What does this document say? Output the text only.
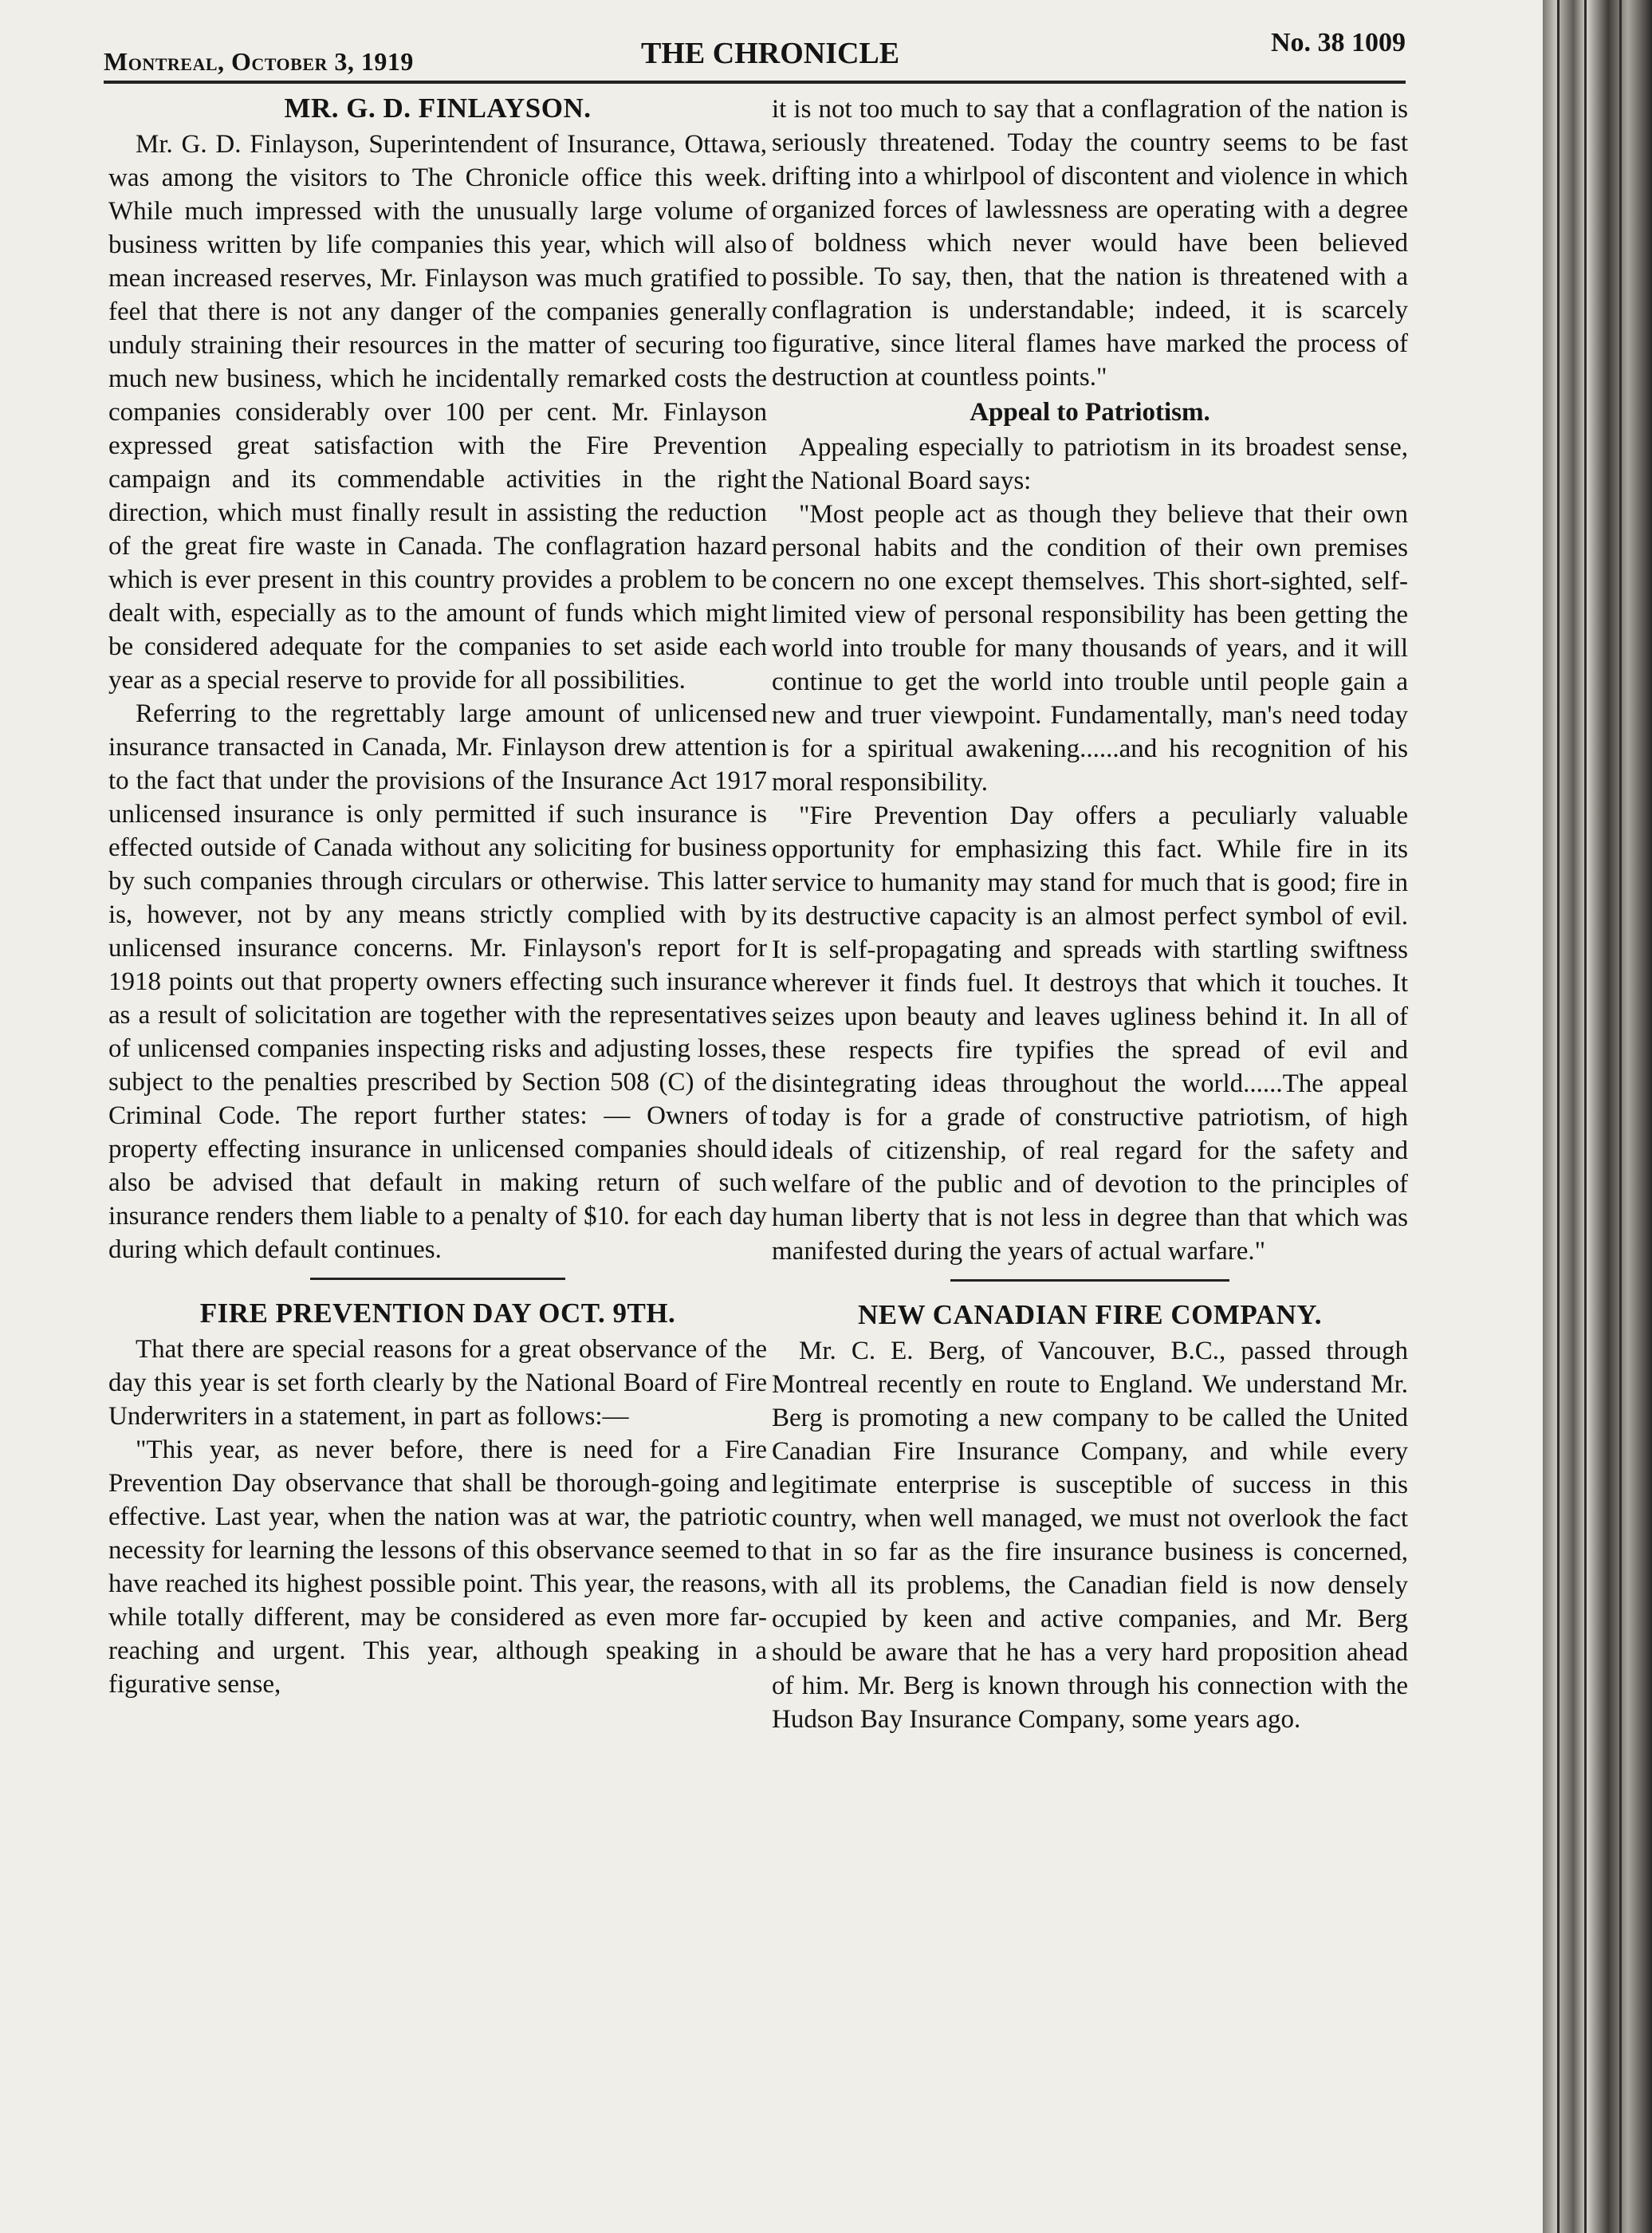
Montreal, October 3, 1919	THE CHRONICLE	No. 38 1009
MR. G. D. FINLAYSON.

Mr. G. D. Finlayson, Superintendent of Insurance, Ottawa, was among the visitors to The Chronicle office this week. While much impressed with the unusually large volume of business written by life companies this year, which will also mean increased reserves, Mr. Finlayson was much gratified to feel that there is not any danger of the companies generally unduly straining their resources in the matter of securing too much new business, which he incidentally remarked costs the companies considerably over 100 per cent. Mr. Finlayson expressed great satisfaction with the Fire Prevention campaign and its commendable activities in the right direction, which must finally result in assisting the reduction of the great fire waste in Canada. The conflagration hazard which is ever present in this country provides a problem to be dealt with, especially as to the amount of funds which might be considered adequate for the companies to set aside each year as a special reserve to provide for all possibilities.

Referring to the regrettably large amount of unlicensed insurance transacted in Canada, Mr. Finlayson drew attention to the fact that under the provisions of the Insurance Act 1917 unlicensed insurance is only permitted if such insurance is effected outside of Canada without any soliciting for business by such companies through circulars or otherwise. This latter is, however, not by any means strictly complied with by unlicensed insurance concerns. Mr. Finlayson's report for 1918 points out that property owners effecting such insurance as a result of solicitation are together with the representatives of unlicensed companies inspecting risks and adjusting losses, subject to the penalties prescribed by Section 508 (C) of the Criminal Code. The report further states: — Owners of property effecting insurance in unlicensed companies should also be advised that default in making return of such insurance renders them liable to a penalty of $10. for each day during which default continues.

FIRE PREVENTION DAY OCT. 9TH.

That there are special reasons for a great observance of the day this year is set forth clearly by the National Board of Fire Underwriters in a statement, in part as follows:—

"This year, as never before, there is need for a Fire Prevention Day observance that shall be thorough-going and effective. Last year, when the nation was at war, the patriotic necessity for learning the lessons of this observance seemed to have reached its highest possible point. This year, the reasons, while totally different, may be considered as even more far-reaching and urgent. This year, although speaking in a figurative sense,

it is not too much to say that a conflagration of the nation is seriously threatened. Today the country seems to be fast drifting into a whirlpool of discontent and violence in which organized forces of lawlessness are operating with a degree of boldness which never would have been believed possible. To say, then, that the nation is threatened with a conflagration is understandable; indeed, it is scarcely figurative, since literal flames have marked the process of destruction at countless points."

Appeal to Patriotism.

Appealing especially to patriotism in its broadest sense, the National Board says:

"Most people act as though they believe that their own personal habits and the condition of their own premises concern no one except themselves. This short-sighted, self-limited view of personal responsibility has been getting the world into trouble for many thousands of years, and it will continue to get the world into trouble until people gain a new and truer viewpoint. Fundamentally, man's need today is for a spiritual awakening......and his recognition of his moral responsibility.

"Fire Prevention Day offers a peculiarly valuable opportunity for emphasizing this fact. While fire in its service to humanity may stand for much that is good; fire in its destructive capacity is an almost perfect symbol of evil. It is self-propagating and spreads with startling swiftness wherever it finds fuel. It destroys that which it touches. It seizes upon beauty and leaves ugliness behind it. In all of these respects fire typifies the spread of evil and disintegrating ideas throughout the world......The appeal today is for a grade of constructive patriotism, of high ideals of citizenship, of real regard for the safety and welfare of the public and of devotion to the principles of human liberty that is not less in degree than that which was manifested during the years of actual warfare."

NEW CANADIAN FIRE COMPANY.

Mr. C. E. Berg, of Vancouver, B.C., passed through Montreal recently en route to England. We understand Mr. Berg is promoting a new company to be called the United Canadian Fire Insurance Company, and while every legitimate enterprise is susceptible of success in this country, when well managed, we must not overlook the fact that in so far as the fire insurance business is concerned, with all its problems, the Canadian field is now densely occupied by keen and active companies, and Mr. Berg should be aware that he has a very hard proposition ahead of him. Mr. Berg is known through his connection with the Hudson Bay Insurance Company, some years ago.
